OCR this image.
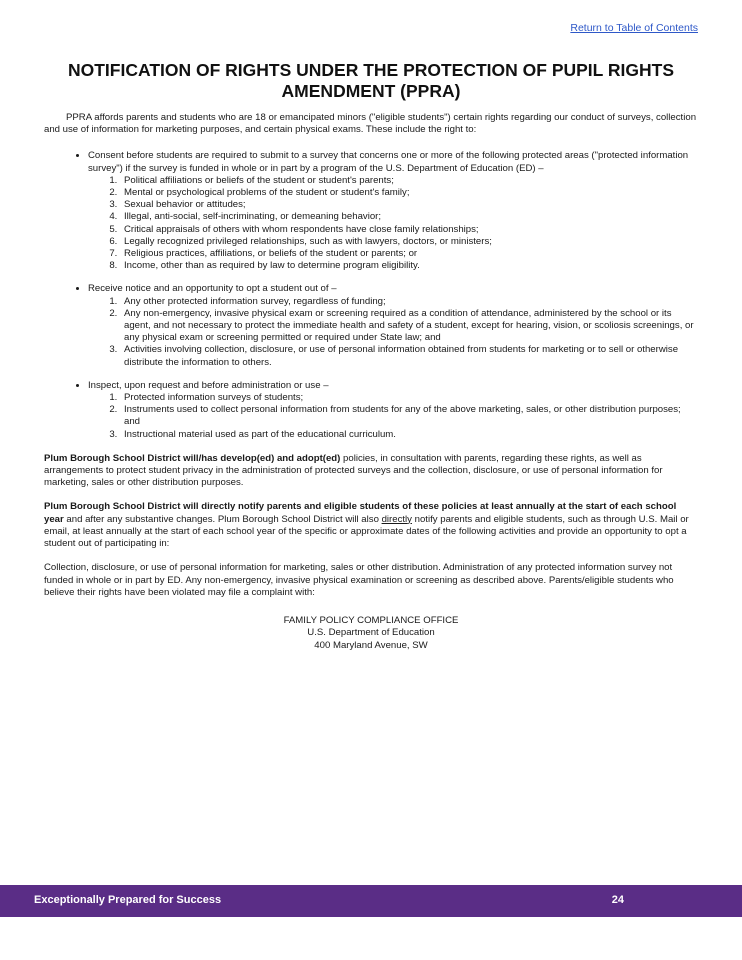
Return to Table of Contents
NOTIFICATION OF RIGHTS UNDER THE PROTECTION OF PUPIL RIGHTS AMENDMENT (PPRA)

PPRA affords parents and students who are 18 or emancipated minors ("eligible students") certain rights regarding our conduct of surveys, collection and use of information for marketing purposes, and certain physical exams. These include the right to:

• Consent before students are required to submit to a survey that concerns one or more of the following protected areas ("protected information survey") if the survey is funded in whole or in part by a program of the U.S. Department of Education (ED) –
1. Political affiliations or beliefs of the student or student's parents;
2. Mental or psychological problems of the student or student's family;
3. Sexual behavior or attitudes;
4. Illegal, anti-social, self-incriminating, or demeaning behavior;
5. Critical appraisals of others with whom respondents have close family relationships;
6. Legally recognized privileged relationships, such as with lawyers, doctors, or ministers;
7. Religious practices, affiliations, or beliefs of the student or parents; or
8. Income, other than as required by law to determine program eligibility.
• Receive notice and an opportunity to opt a student out of –
1. Any other protected information survey, regardless of funding;
2. Any non-emergency, invasive physical exam or screening required as a condition of attendance, administered by the school or its agent, and not necessary to protect the immediate health and safety of a student, except for hearing, vision, or scoliosis screenings, or any physical exam or screening permitted or required under State law; and
3. Activities involving collection, disclosure, or use of personal information obtained from students for marketing or to sell or otherwise distribute the information to others.
• Inspect, upon request and before administration or use –
1. Protected information surveys of students;
2. Instruments used to collect personal information from students for any of the above marketing, sales, or other distribution purposes; and
3. Instructional material used as part of the educational curriculum.

Plum Borough School District will/has develop(ed) and adopt(ed) policies, in consultation with parents, regarding these rights, as well as arrangements to protect student privacy in the administration of protected surveys and the collection, disclosure, or use of personal information for marketing, sales or other distribution purposes.

Plum Borough School District will directly notify parents and eligible students of these policies at least annually at the start of each school year and after any substantive changes. Plum Borough School District will also directly notify parents and eligible students, such as through U.S. Mail or email, at least annually at the start of each school year of the specific or approximate dates of the following activities and provide an opportunity to opt a student out of participating in:

Collection, disclosure, or use of personal information for marketing, sales or other distribution. Administration of any protected information survey not funded in whole or in part by ED. Any non-emergency, invasive physical examination or screening as described above. Parents/eligible students who believe their rights have been violated may file a complaint with:

FAMILY POLICY COMPLIANCE OFFICE
U.S. Department of Education
400 Maryland Avenue, SW
Exceptionally Prepared for Success	24
